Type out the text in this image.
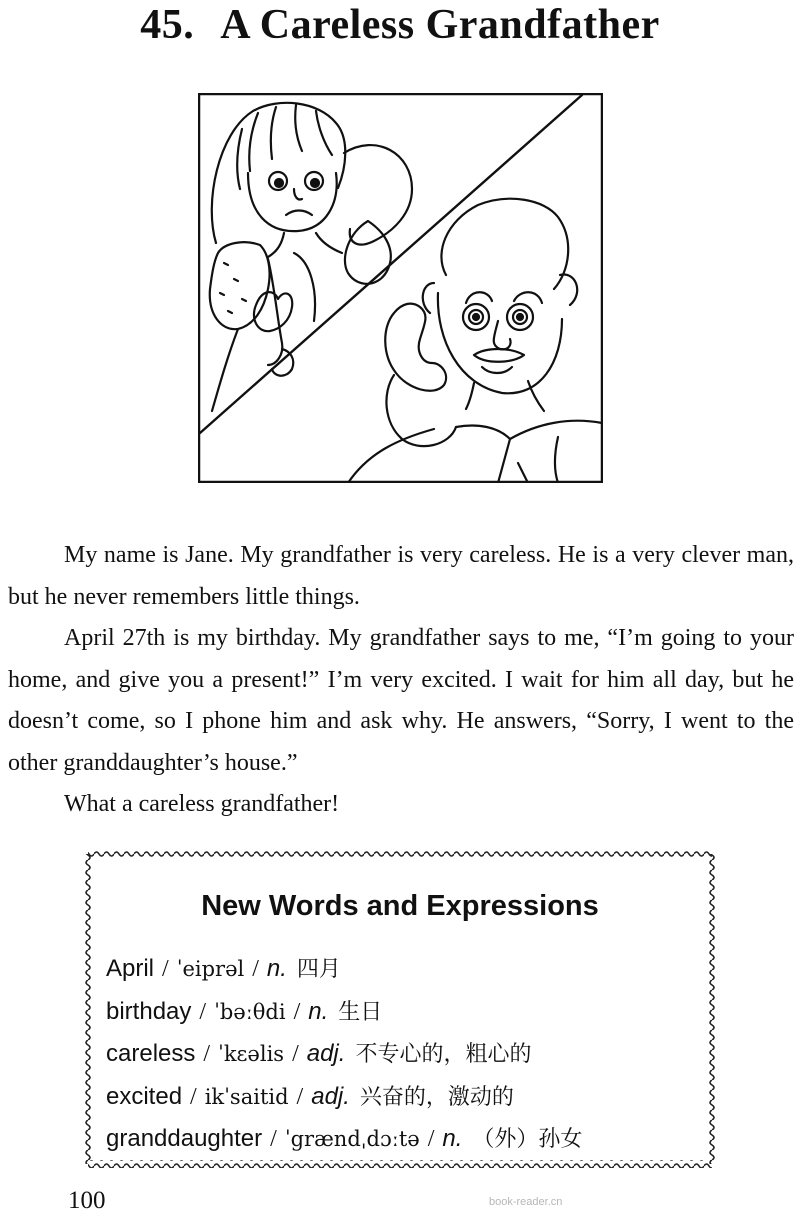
45. A Careless Grandfather

My name is Jane. My grandfather is very careless. He is a very clever man, but he never remembers little things.

April 27th is my birthday. My grandfather says to me, “I’m going to your home, and give you a present!” I’m very excited. I wait for him all day, but he doesn’t come, so I phone him and ask why. He answers, “Sorry, I went to the other granddaughter’s house.”

What a careless grandfather!

New Words and Expressions
April / ˈeiprəl / n. 四月
birthday / ˈbəːθdi / n. 生日
careless / ˈkεəlis / adj. 不专心的，粗心的
excited / ikˈsaitid / adj. 兴奋的，激动的
granddaughter / ˈgrændˌdɔːtə / n. （外）孙女
100	book-reader.cn
